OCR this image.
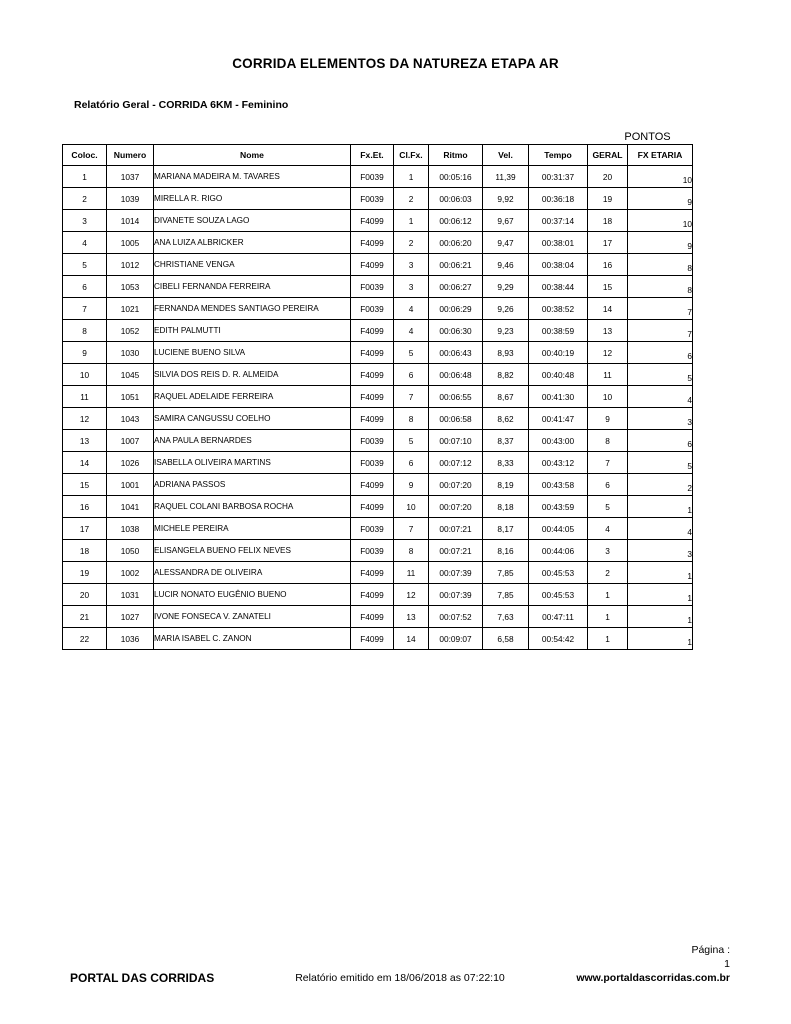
CORRIDA ELEMENTOS DA NATUREZA ETAPA AR
Relatório Geral - CORRIDA 6KM - Feminino
PONTOS
Coloc.	Numero	Nome	Fx.Et.	Cl.Fx.	Ritmo	Vel.	Tempo	GERAL	FX ETARIA
1	1037	MARIANA MADEIRA M. TAVARES	F0039	1	00:05:16	11,39	00:31:37	20	10

2	1039	MIRELLA R. RIGO	F0039	2	00:06:03	9,92	00:36:18	19	9

3	1014	DIVANETE SOUZA LAGO	F4099	1	00:06:12	9,67	00:37:14	18	10

4	1005	ANA LUIZA ALBRICKER	F4099	2	00:06:20	9,47	00:38:01	17	9

5	1012	CHRISTIANE VENGA	F4099	3	00:06:21	9,46	00:38:04	16	8

6	1053	CIBELI FERNANDA FERREIRA	F0039	3	00:06:27	9,29	00:38:44	15	8

7	1021	FERNANDA MENDES SANTIAGO PEREIRA	F0039	4	00:06:29	9,26	00:38:52	14	7

8	1052	EDITH PALMUTTI	F4099	4	00:06:30	9,23	00:38:59	13	7

9	1030	LUCIENE BUENO SILVA	F4099	5	00:06:43	8,93	00:40:19	12	6

10	1045	SILVIA DOS REIS D. R. ALMEIDA	F4099	6	00:06:48	8,82	00:40:48	11	5

11	1051	RAQUEL ADELAIDE FERREIRA	F4099	7	00:06:55	8,67	00:41:30	10	4

12	1043	SAMIRA CANGUSSU COELHO	F4099	8	00:06:58	8,62	00:41:47	9	3

13	1007	ANA PAULA BERNARDES	F0039	5	00:07:10	8,37	00:43:00	8	6

14	1026	ISABELLA OLIVEIRA MARTINS	F0039	6	00:07:12	8,33	00:43:12	7	5

15	1001	ADRIANA PASSOS	F4099	9	00:07:20	8,19	00:43:58	6	2

16	1041	RAQUEL COLANI BARBOSA ROCHA	F4099	10	00:07:20	8,18	00:43:59	5	1

17	1038	MICHELE PEREIRA	F0039	7	00:07:21	8,17	00:44:05	4	4

18	1050	ELISANGELA BUENO FELIX NEVES	F0039	8	00:07:21	8,16	00:44:06	3	3

19	1002	ALESSANDRA DE OLIVEIRA	F4099	11	00:07:39	7,85	00:45:53	2	1

20	1031	LUCIR NONATO EUGÊNIO BUENO	F4099	12	00:07:39	7,85	00:45:53	1	1

21	1027	IVONE FONSECA V. ZANATELI	F4099	13	00:07:52	7,63	00:47:11	1	1

22	1036	MARIA ISABEL C. ZANON	F4099	14	00:09:07	6,58	00:54:42	1	1
Página :
1
PORTAL DAS CORRIDAS	Relatório emitido em 18/06/2018 as 07:22:10	www.portaldascorridas.com.br
